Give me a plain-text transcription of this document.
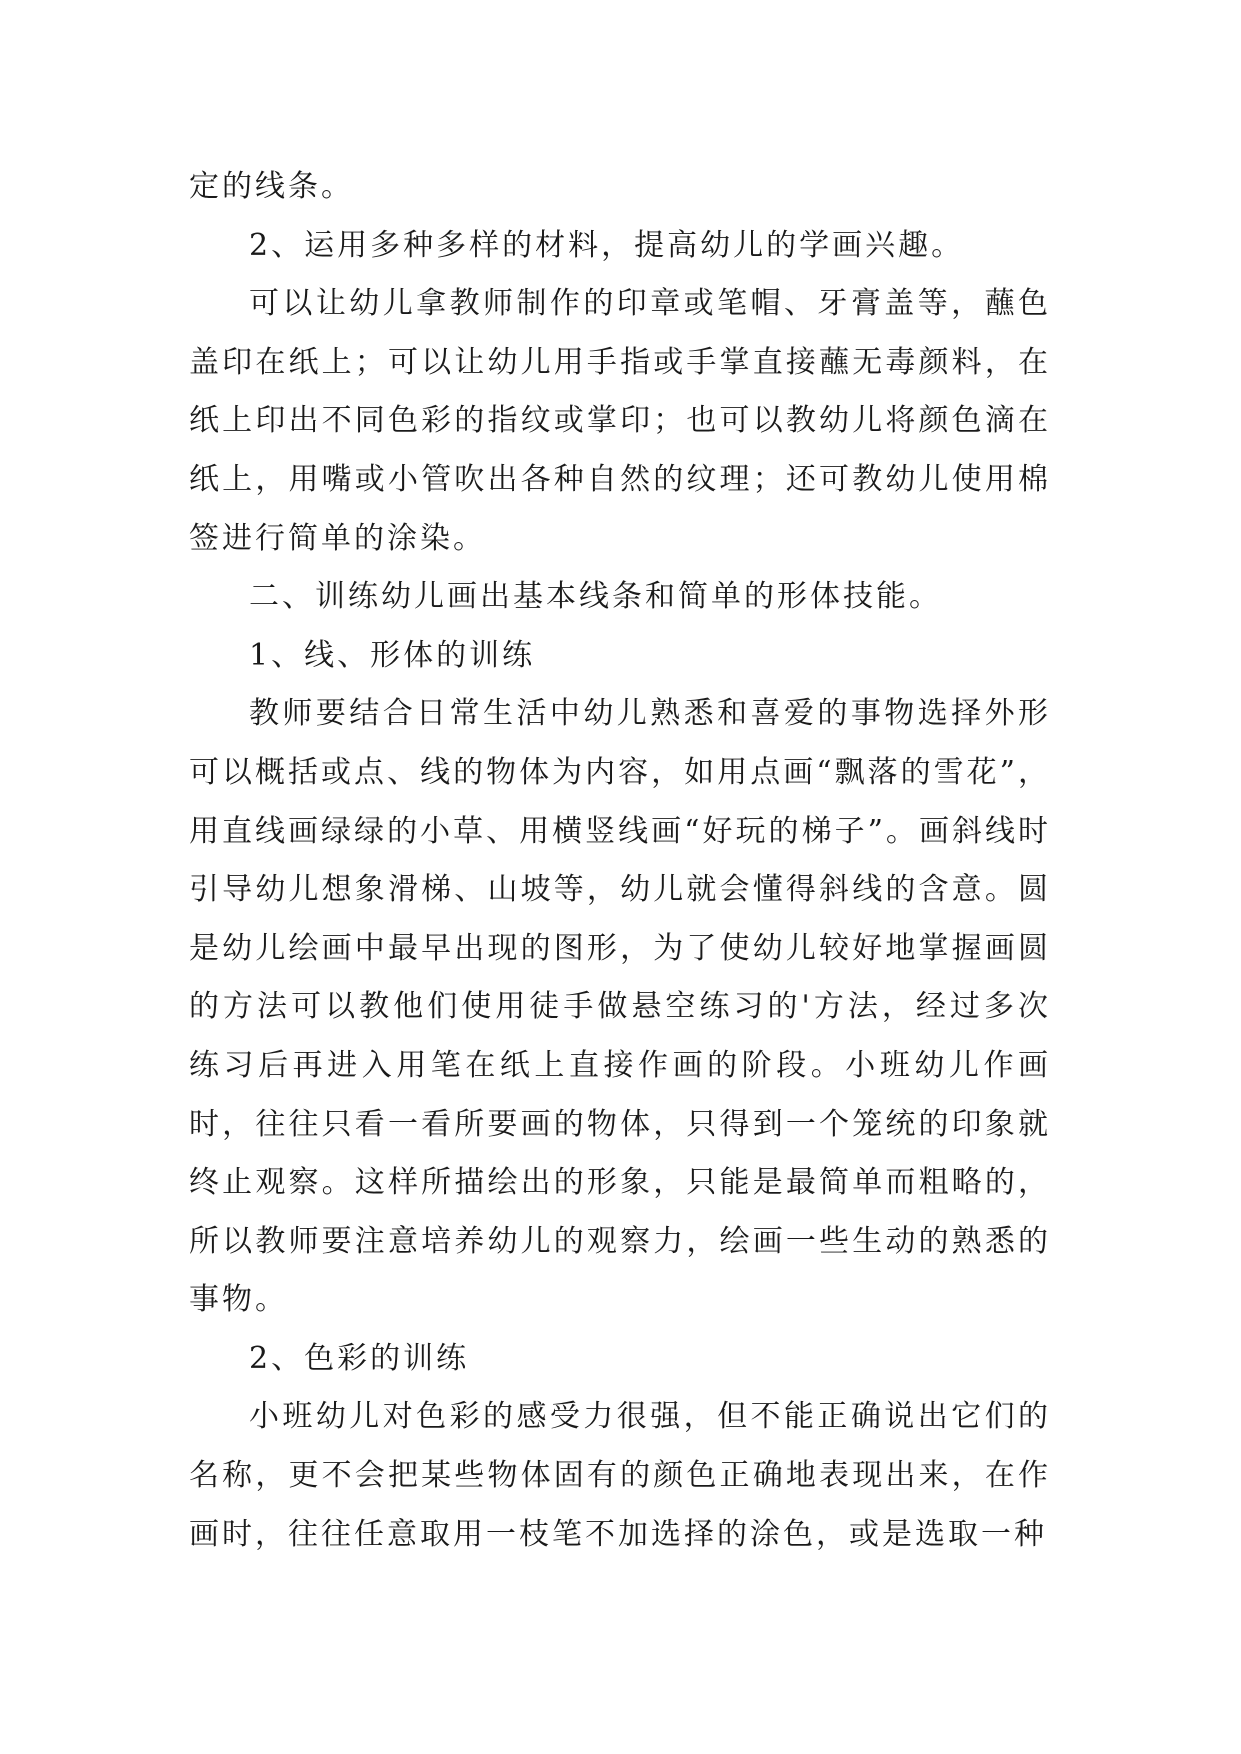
定的线条。

2、运用多种多样的材料，提高幼儿的学画兴趣。

可以让幼儿拿教师制作的印章或笔帽、牙膏盖等，蘸色盖印在纸上；可以让幼儿用手指或手掌直接蘸无毒颜料，在纸上印出不同色彩的指纹或掌印；也可以教幼儿将颜色滴在纸上，用嘴或小管吹出各种自然的纹理；还可教幼儿使用棉签进行简单的涂染。

二、训练幼儿画出基本线条和简单的形体技能。

1、线、形体的训练

教师要结合日常生活中幼儿熟悉和喜爱的事物选择外形可以概括或点、线的物体为内容，如用点画“飘落的雪花”，用直线画绿绿的小草、用横竖线画“好玩的梯子”。画斜线时引导幼儿想象滑梯、山坡等，幼儿就会懂得斜线的含意。圆是幼儿绘画中最早出现的图形，为了使幼儿较好地掌握画圆的方法可以教他们使用徒手做悬空练习的'方法，经过多次练习后再进入用笔在纸上直接作画的阶段。小班幼儿作画时，往往只看一看所要画的物体，只得到一个笼统的印象就终止观察。这样所描绘出的形象，只能是最简单而粗略的，所以教师要注意培养幼儿的观察力，绘画一些生动的熟悉的事物。

2、色彩的训练

小班幼儿对色彩的感受力很强，但不能正确说出它们的名称，更不会把某些物体固有的颜色正确地表现出来，在作画时，往往任意取用一枝笔不加选择的涂色，或是选取一种
